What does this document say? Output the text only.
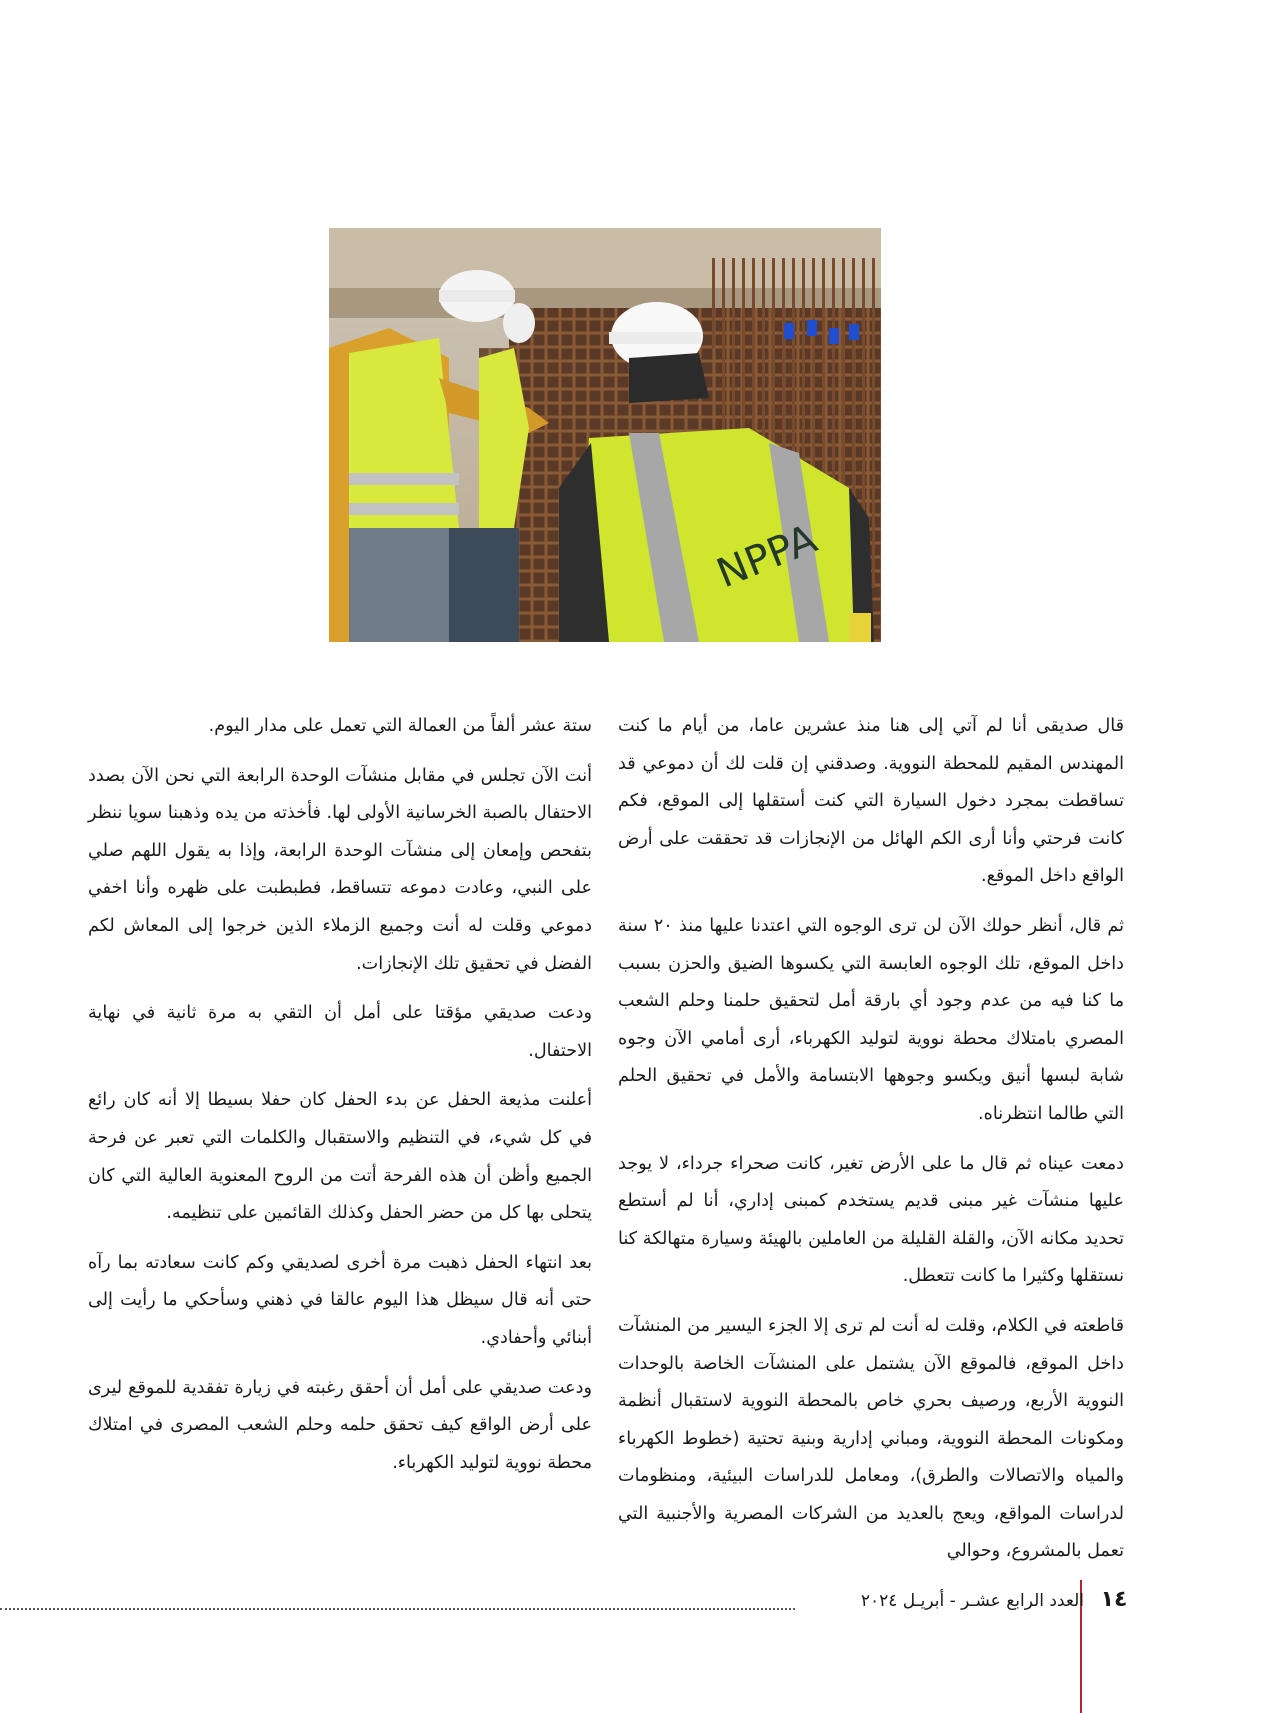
NPPA

قال صديقى أنا لم آتي إلى هنا منذ عشرين عاما، من أيام ما كنت المهندس المقيم للمحطة النووية. وصدقني إن قلت لك أن دموعي قد تساقطت بمجرد دخول السيارة التي كنت أستقلها إلى الموقع، فكم كانت فرحتي وأنا أرى الكم الهائل من الإنجازات قد تحققت على أرض الواقع داخل الموقع.

ثم قال، أنظر حولك الآن لن ترى الوجوه التي اعتدنا عليها منذ ٢٠ سنة داخل الموقع، تلك الوجوه العابسة التي يكسوها الضيق والحزن بسبب ما كنا فيه من عدم وجود أي بارقة أمل لتحقيق حلمنا وحلم الشعب المصري بامتلاك محطة نووية لتوليد الكهرباء، أرى أمامي الآن وجوه شابة لبسها أنيق ويكسو وجوهها الابتسامة والأمل في تحقيق الحلم التي طالما انتظرناه.

دمعت عيناه ثم قال ما على الأرض تغير، كانت صحراء جرداء، لا يوجد عليها منشآت غير مبنى قديم يستخدم كمبنى إداري، أنا لم أستطع تحديد مكانه الآن، والقلة القليلة من العاملين بالهيئة وسيارة متهالكة كنا نستقلها وكثيرا ما كانت تتعطل.

قاطعته في الكلام، وقلت له أنت لم ترى إلا الجزء اليسير من المنشآت داخل الموقع، فالموقع الآن يشتمل على المنشآت الخاصة بالوحدات النووية الأربع، ورصيف بحري خاص بالمحطة النووية لاستقبال أنظمة ومكونات المحطة النووية، ومباني إدارية وبنية تحتية (خطوط الكهرباء والمياه والاتصالات والطرق)، ومعامل للدراسات البيئية، ومنظومات لدراسات المواقع، ويعج بالعديد من الشركات المصرية والأجنبية التي تعمل بالمشروع، وحوالي

ستة عشر ألفاً من العمالة التي تعمل على مدار اليوم.

أنت الآن تجلس في مقابل منشآت الوحدة الرابعة التي نحن الآن بصدد الاحتفال بالصبة الخرسانية الأولى لها. فأخذته من يده وذهبنا سويا ننظر بتفحص وإمعان إلى منشآت الوحدة الرابعة، وإذا به يقول اللهم صلي على النبي، وعادت دموعه تتساقط، فطبطبت على ظهره وأنا اخفي دموعي وقلت له أنت وجميع الزملاء الذين خرجوا إلى المعاش لكم الفضل في تحقيق تلك الإنجازات.

ودعت صديقي مؤقتا على أمل أن التقي به مرة ثانية في نهاية الاحتفال.

أعلنت مذيعة الحفل عن بدء الحفل كان حفلا بسيطا إلا أنه كان رائع في كل شيء، في التنظيم والاستقبال والكلمات التي تعبر عن فرحة الجميع وأظن أن هذه الفرحة أتت من الروح المعنوية العالية التي كان يتحلى بها كل من حضر الحفل وكذلك القائمين على تنظيمه.

بعد انتهاء الحفل ذهبت مرة أخرى لصديقي وكم كانت سعادته بما رآه حتى أنه قال سيظل هذا اليوم عالقا في ذهني وسأحكي ما رأيت إلى أبنائي وأحفادي.

ودعت صديقي على أمل أن أحقق رغبته في زيارة تفقدية للموقع ليرى على أرض الواقع كيف تحقق حلمه وحلم الشعب المصرى في امتلاك محطة نووية لتوليد الكهرباء.

العدد الرابع عشـر - أبريـل ٢٠٢٤ ١٤
